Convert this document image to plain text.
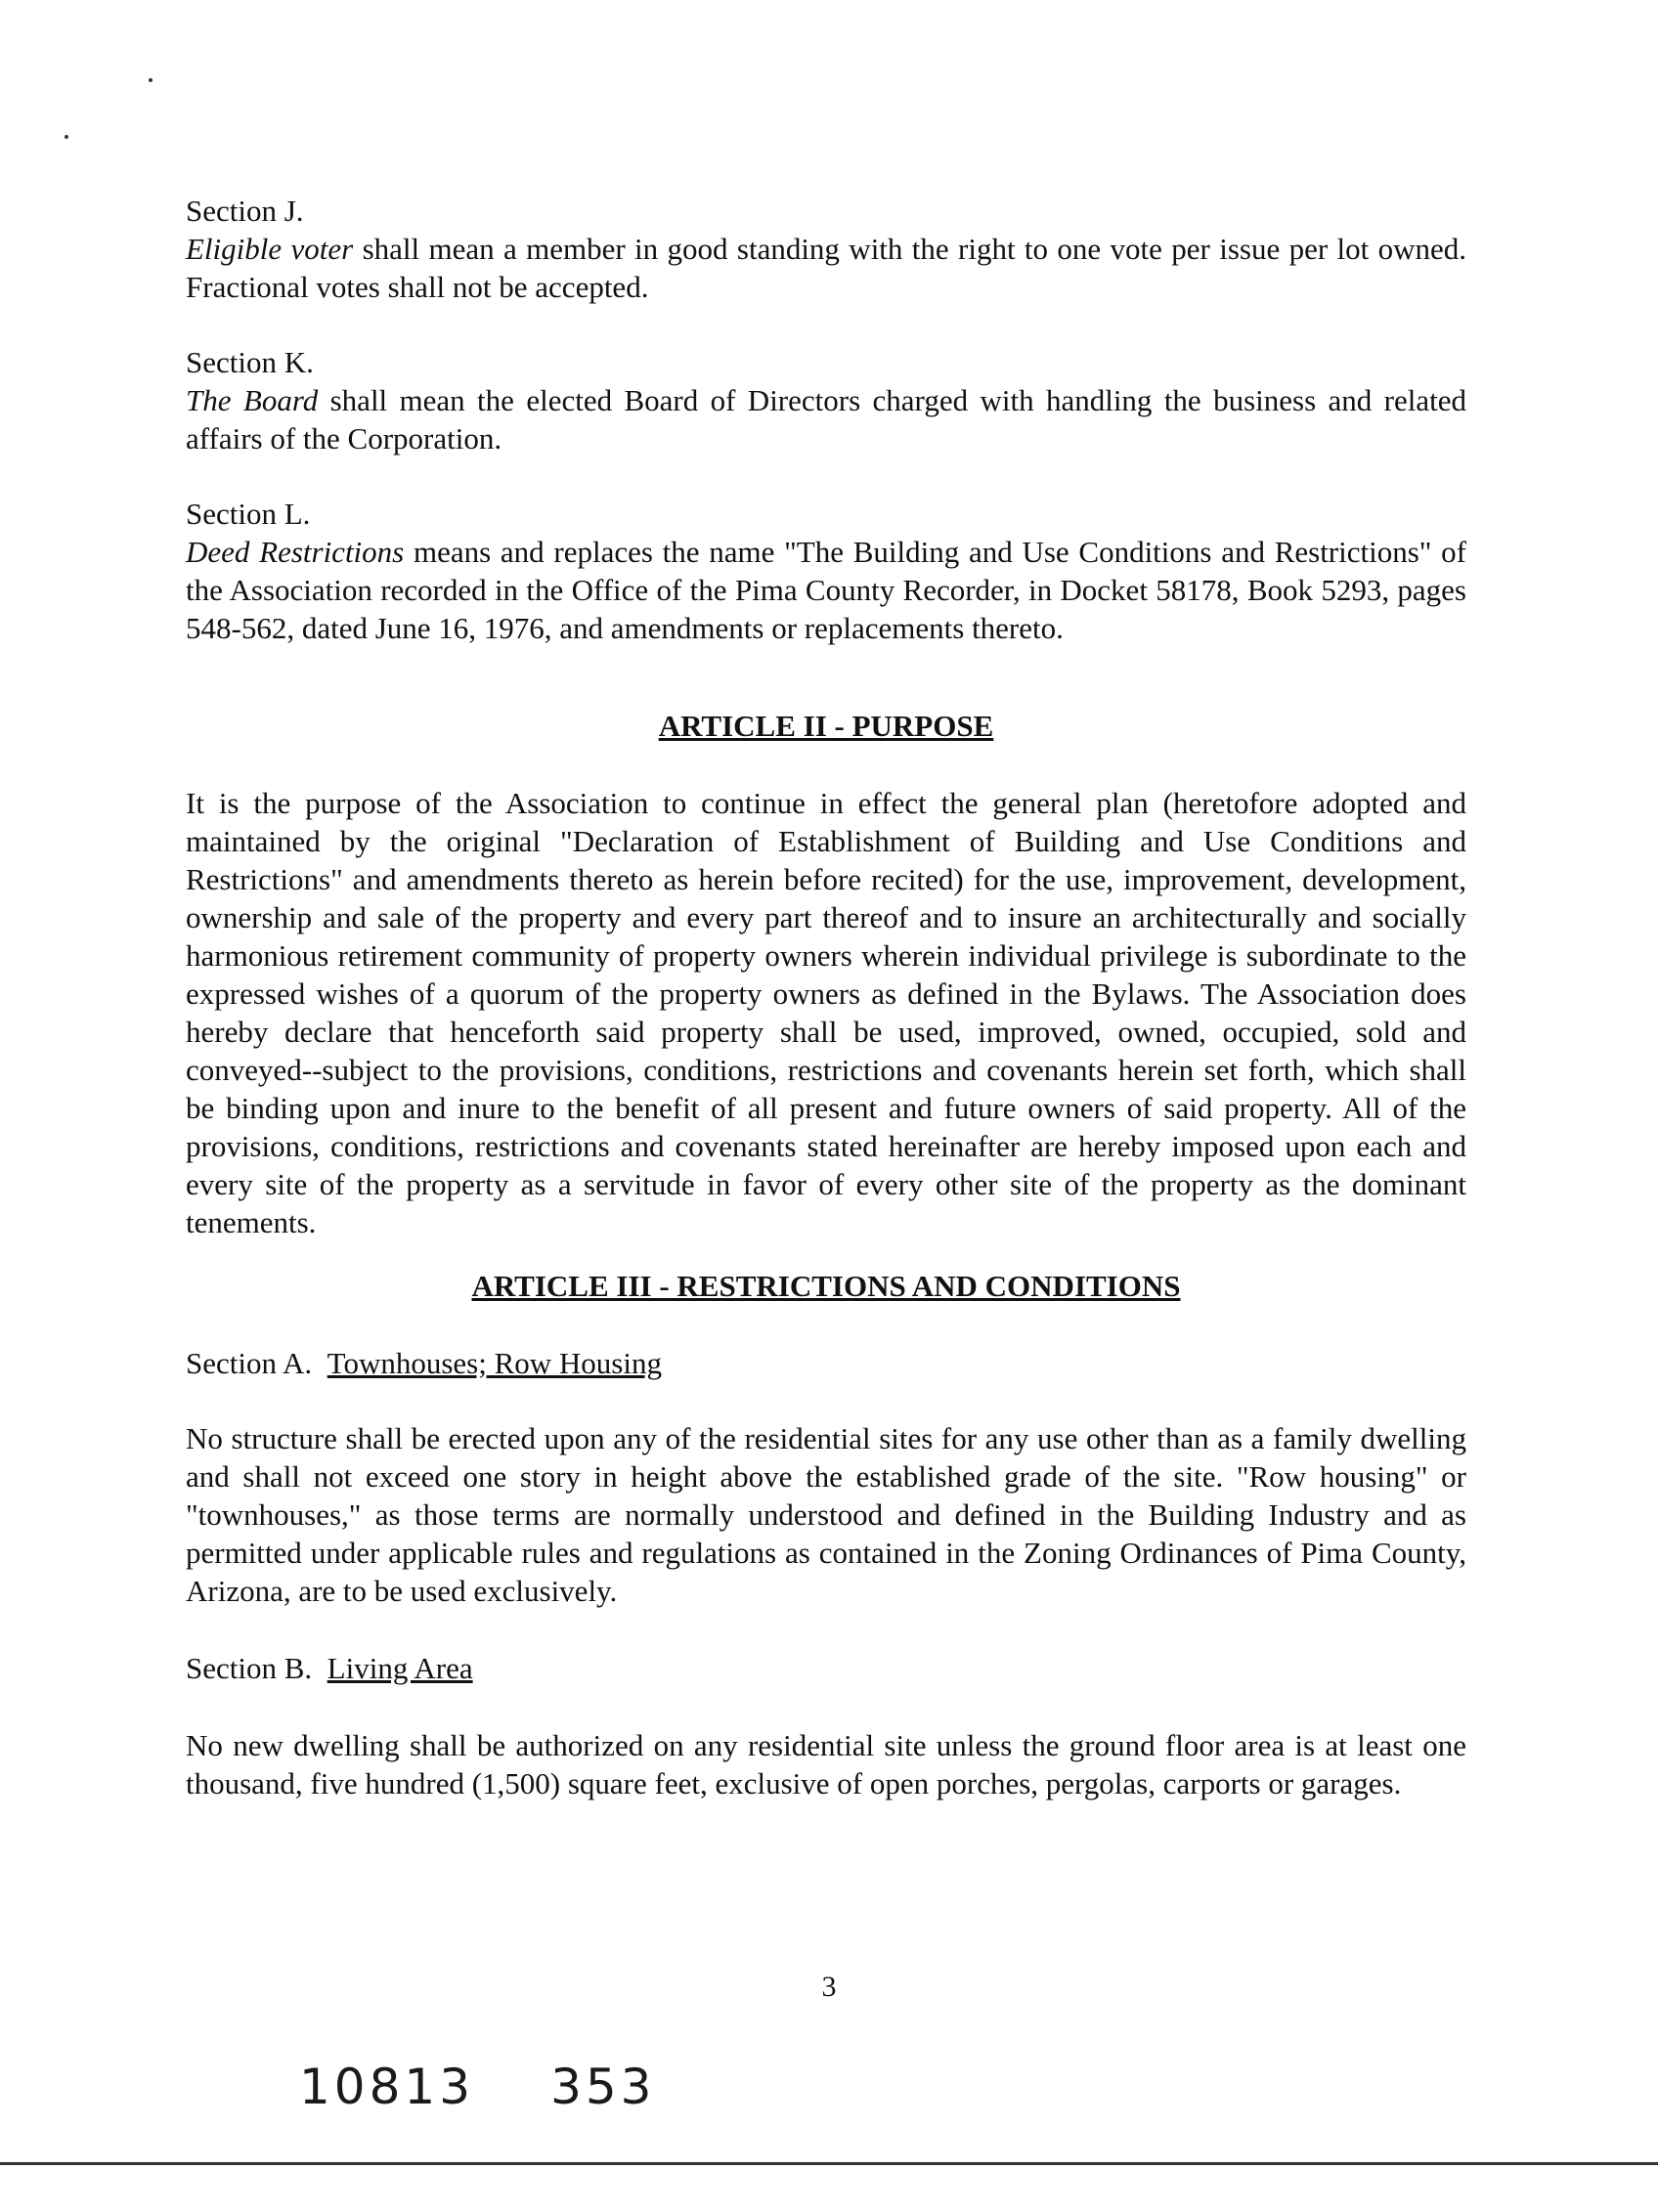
Section J.

Eligible voter shall mean a member in good standing with the right to one vote per issue per lot owned. Fractional votes shall not be accepted.

Section K.

The Board shall mean the elected Board of Directors charged with handling the business and related affairs of the Corporation.

Section L.

Deed Restrictions means and replaces the name "The Building and Use Conditions and Restrictions" of the Association recorded in the Office of the Pima County Recorder, in Docket 58178, Book 5293, pages 548-562, dated June 16, 1976, and amendments or replacements thereto.

ARTICLE II - PURPOSE

It is the purpose of the Association to continue in effect the general plan (heretofore adopted and maintained by the original "Declaration of Establishment of Building and Use Conditions and Restrictions" and amendments thereto as herein before recited) for the use, improvement, development, ownership and sale of the property and every part thereof and to insure an architecturally and socially harmonious retirement community of property owners wherein individual privilege is subordinate to the expressed wishes of a quorum of the property owners as defined in the Bylaws. The Association does hereby declare that henceforth said property shall be used, improved, owned, occupied, sold and conveyed--subject to the provisions, conditions, restrictions and covenants herein set forth, which shall be binding upon and inure to the benefit of all present and future owners of said property. All of the provisions, conditions, restrictions and covenants stated hereinafter are hereby imposed upon each and every site of the property as a servitude in favor of every other site of the property as the dominant tenements.

ARTICLE III - RESTRICTIONS AND CONDITIONS

Section A. Townhouses; Row Housing

No structure shall be erected upon any of the residential sites for any use other than as a family dwelling and shall not exceed one story in height above the established grade of the site. "Row housing" or "townhouses," as those terms are normally understood and defined in the Building Industry and as permitted under applicable rules and regulations as contained in the Zoning Ordinances of Pima County, Arizona, are to be used exclusively.

Section B. Living Area

No new dwelling shall be authorized on any residential site unless the ground floor area is at least one thousand, five hundred (1,500) square feet, exclusive of open porches, pergolas, carports or garages.

3
10813 353
